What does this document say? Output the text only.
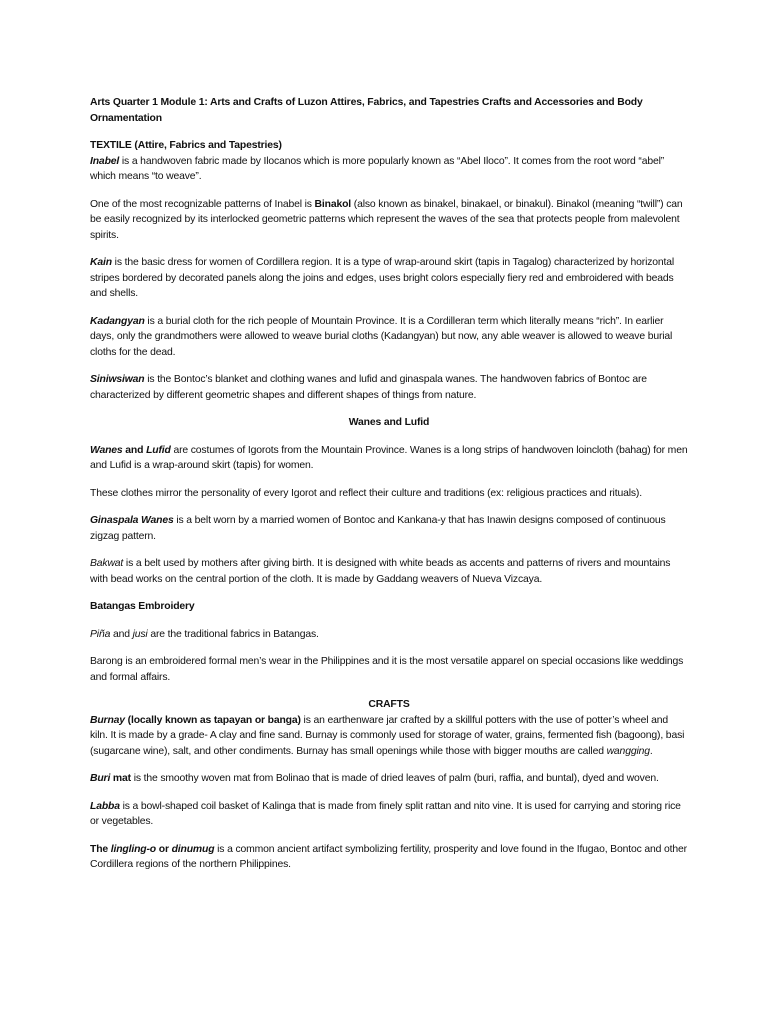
Arts Quarter 1 Module 1: Arts and Crafts of Luzon Attires, Fabrics, and Tapestries Crafts and Accessories and Body Ornamentation
TEXTILE (Attire, Fabrics and Tapestries)

Inabel is a handwoven fabric made by Ilocanos which is more popularly known as “Abel Iloco”. It comes from the root word “abel” which means “to weave”.

One of the most recognizable patterns of Inabel is Binakol (also known as binakel, binakael, or binakul). Binakol (meaning “twill”) can be easily recognized by its interlocked geometric patterns which represent the waves of the sea that protects people from malevolent spirits.

Kain is the basic dress for women of Cordillera region. It is a type of wrap-around skirt (tapis in Tagalog) characterized by horizontal stripes bordered by decorated panels along the joins and edges, uses bright colors especially fiery red and embroidered with beads and shells.

Kadangyan is a burial cloth for the rich people of Mountain Province. It is a Cordilleran term which literally means “rich”. In earlier days, only the grandmothers were allowed to weave burial cloths (Kadangyan) but now, any able weaver is allowed to weave burial cloths for the dead.

Siniwsiwan is the Bontoc’s blanket and clothing wanes and lufid and ginaspala wanes. The handwoven fabrics of Bontoc are characterized by different geometric shapes and different shapes of things from nature.

Wanes and Lufid

Wanes and Lufid are costumes of Igorots from the Mountain Province. Wanes is a long strips of handwoven loincloth (bahag) for men and Lufid is a wrap-around skirt (tapis) for women.

These clothes mirror the personality of every Igorot and reflect their culture and traditions (ex: religious practices and rituals).

Ginaspala Wanes is a belt worn by a married women of Bontoc and Kankana-y that has Inawin designs composed of continuous zigzag pattern.

Bakwat is a belt used by mothers after giving birth. It is designed with white beads as accents and patterns of rivers and mountains with bead works on the central portion of the cloth. It is made by Gaddang weavers of Nueva Vizcaya.

Batangas Embroidery

Piña and jusi are the traditional fabrics in Batangas.

Barong is an embroidered formal men’s wear in the Philippines and it is the most versatile apparel on special occasions like weddings and formal affairs.

CRAFTS

Burnay (locally known as tapayan or banga) is an earthenware jar crafted by a skillful potters with the use of potter’s wheel and kiln. It is made by a grade- A clay and fine sand. Burnay is commonly used for storage of water, grains, fermented fish (bagoong), basi (sugarcane wine), salt, and other condiments. Burnay has small openings while those with bigger mouths are called wangging.

Buri mat is the smoothy woven mat from Bolinao that is made of dried leaves of palm (buri, raffia, and buntal), dyed and woven.

Labba is a bowl-shaped coil basket of Kalinga that is made from finely split rattan and nito vine. It is used for carrying and storing rice or vegetables.

The lingling-o or dinumug is a common ancient artifact symbolizing fertility, prosperity and love found in the Ifugao, Bontoc and other Cordillera regions of the northern Philippines.
